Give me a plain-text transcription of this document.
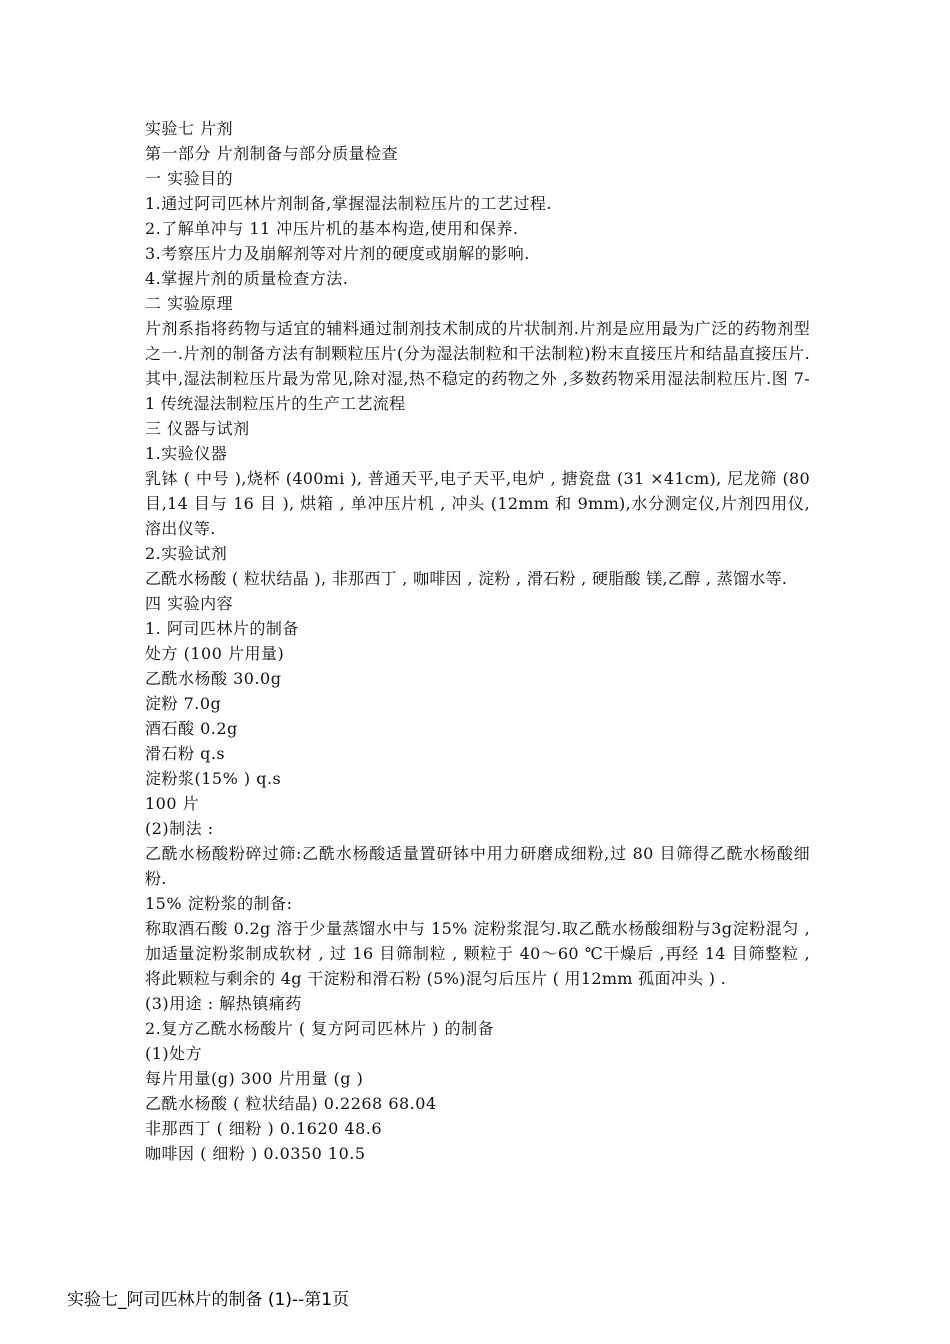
实验七 片剂
第一部分 片剂制备与部分质量检查
一 实验目的
1.通过阿司匹林片剂制备,掌握湿法制粒压片的工艺过程.
2.了解单冲与 11 冲压片机的基本构造,使用和保养.
3.考察压片力及崩解剂等对片剂的硬度或崩解的影响.
4.掌握片剂的质量检查方法.
二 实验原理

片剂系指将药物与适宜的辅料通过制剂技术制成的片状制剂.片剂是应用最为广泛的药物剂型之一.片剂的制备方法有制颗粒压片(分为湿法制粒和干法制粒)粉末直接压片和结晶直接压片.其中,湿法制粒压片最为常见,除对湿,热不稳定的药物之外 ,多数药物采用湿法制粒压片.图 7-1 传统湿法制粒压片的生产工艺流程

三 仪器与试剂
1.实验仪器

乳钵 ( 中号 ),烧杯 (400mi ), 普通天平,电子天平,电炉 , 搪瓷盘 (31 ×41cm), 尼龙筛 (80 目,14 目与 16 目 ), 烘箱 , 单冲压片机 , 冲头 (12mm 和 9mm),水分测定仪,片剂四用仪, 溶出仪等.

2.实验试剂

乙酰水杨酸 ( 粒状结晶 ), 非那西丁 , 咖啡因 , 淀粉 , 滑石粉 , 硬脂酸 镁,乙醇 , 蒸馏水等.

四 实验内容
1. 阿司匹林片的制备
处方 (100 片用量)
乙酰水杨酸 30.0g
淀粉 7.0g
酒石酸 0.2g
滑石粉 q.s
淀粉浆(15% ) q.s
100 片
(2)制法 :

乙酰水杨酸粉碎过筛:乙酰水杨酸适量置研钵中用力研磨成细粉,过 80 目筛得乙酰水杨酸细粉.

15% 淀粉浆的制备:

称取酒石酸 0.2g 溶于少量蒸馏水中与 15% 淀粉浆混匀.取乙酰水杨酸细粉与3g淀粉混匀 , 加适量淀粉浆制成软材 , 过 16 目筛制粒 , 颗粒于 40～60 ℃干燥后 ,再经 14 目筛整粒 , 将此颗粒与剩余的 4g 干淀粉和滑石粉 (5%)混匀后压片 ( 用12mm 孤面冲头 ) .

(3)用途 : 解热镇痛药
2.复方乙酰水杨酸片 ( 复方阿司匹林片 ) 的制备
(1)处方
每片用量(g) 300 片用量 (g )
乙酰水杨酸 ( 粒状结晶) 0.2268 68.04
非那西丁 ( 细粉 ) 0.1620 48.6
咖啡因 ( 细粉 ) 0.0350 10.5
实验七_阿司匹林片的制备 (1)--第1页
